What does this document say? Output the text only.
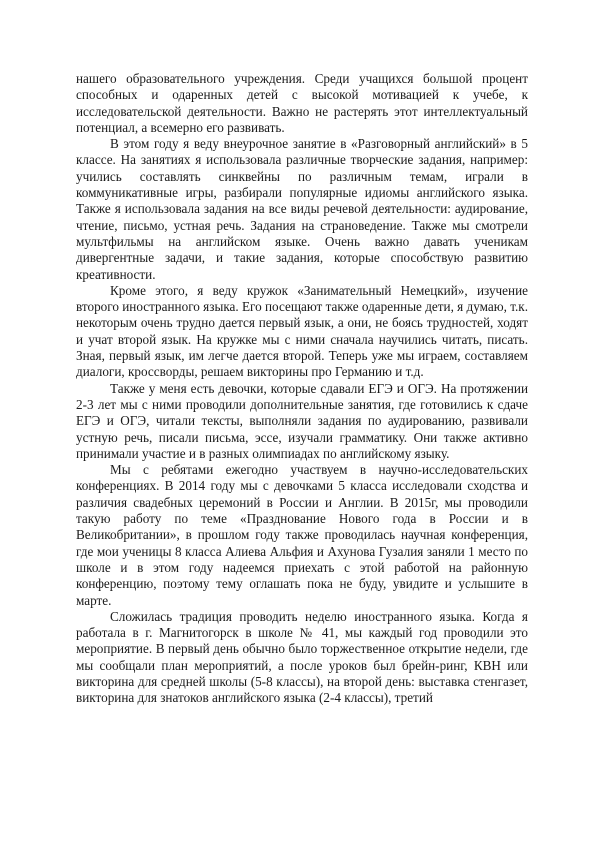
нашего образовательного учреждения. Среди учащихся большой процент способных и одаренных детей с высокой мотивацией к учебе, к исследовательской деятельности. Важно не растерять этот интеллектуальный потенциал, а всемерно его развивать.

В этом году я веду внеурочное занятие в «Разговорный английский» в 5 классе. На занятиях я использовала различные творческие задания, например: учились составлять синквейны по различным темам, играли в коммуникативные игры, разбирали популярные идиомы английского языка. Также я использовала задания на все виды речевой деятельности: аудирование, чтение, письмо, устная речь. Задания на страноведение. Также мы смотрели мультфильмы на английском языке. Очень важно давать ученикам дивергентные задачи, и такие задания, которые способствую развитию креативности.

Кроме этого, я веду кружок «Занимательный Немецкий», изучение второго иностранного языка. Его посещают также одаренные дети, я думаю, т.к. некоторым очень трудно дается первый язык, а они, не боясь трудностей, ходят и учат второй язык. На кружке мы с ними сначала научились читать, писать. Зная, первый язык, им легче дается второй. Теперь уже мы играем, составляем диалоги, кроссворды, решаем викторины про Германию и т.д.

Также у меня есть девочки, которые сдавали ЕГЭ и ОГЭ. На протяжении 2-3 лет мы с ними проводили дополнительные занятия, где готовились к сдаче ЕГЭ и ОГЭ, читали тексты, выполняли задания по аудированию, развивали устную речь, писали письма, эссе, изучали грамматику. Они также активно принимали участие и в разных олимпиадах по английскому языку.

Мы с ребятами ежегодно участвуем в научно-исследовательских конференциях. В 2014 году мы с девочками 5 класса исследовали сходства и различия свадебных церемоний в России и Англии. В 2015г, мы проводили такую работу по теме «Празднование Нового года в России и в Великобритании», в прошлом году также проводилась научная конференция, где мои ученицы 8 класса Алиева Альфия и Ахунова Гузалия заняли 1 место по школе и в этом году надеемся приехать с этой работой на районную конференцию, поэтому тему оглашать пока не буду, увидите и услышите в марте.

Сложилась традиция проводить неделю иностранного языка. Когда я работала в г. Магнитогорск в школе № 41, мы каждый год проводили это мероприятие. В первый день обычно было торжественное открытие недели, где мы сообщали план мероприятий, а после уроков был брейн-ринг, КВН или викторина для средней школы (5-8 классы), на второй день: выставка стенгазет, викторина для знатоков английского языка (2-4 классы), третий
